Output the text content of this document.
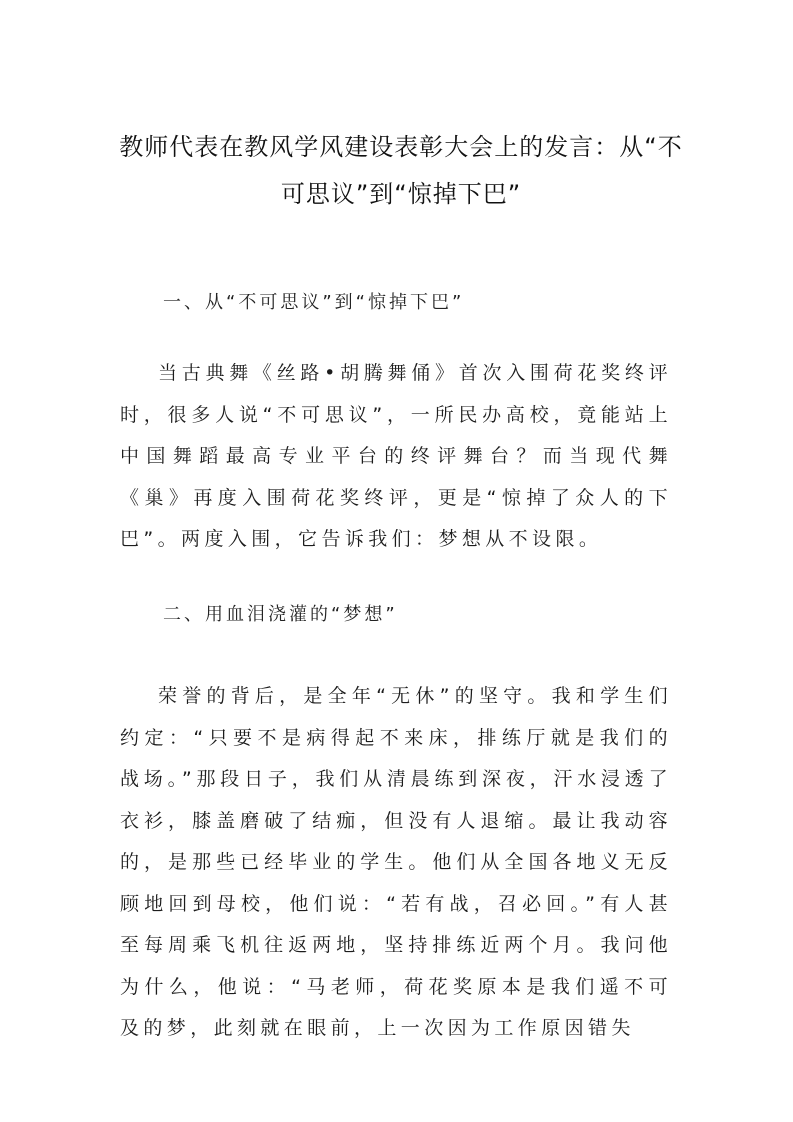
教师代表在教风学风建设表彰大会上的发言：从“不可思议”到“惊掉下巴”
一、从“不可思议”到“惊掉下巴”

当古典舞《丝路•胡腾舞俑》首次入围荷花奖终评时，很多人说“不可思议”，一所民办高校，竟能站上中国舞蹈最高专业平台的终评舞台？而当现代舞《巢》再度入围荷花奖终评，更是“惊掉了众人的下巴”。两度入围，它告诉我们：梦想从不设限。

二、用血泪浇灌的“梦想”

荣誉的背后，是全年“无休”的坚守。我和学生们约定：“只要不是病得起不来床，排练厅就是我们的战场。”那段日子，我们从清晨练到深夜，汗水浸透了衣衫，膝盖磨破了结痂，但没有人退缩。最让我动容的，是那些已经毕业的学生。他们从全国各地义无反顾地回到母校，他们说：“若有战，召必回。”有人甚至每周乘飞机往返两地，坚持排练近两个月。我问他为什么，他说：“马老师，荷花奖原本是我们遥不可及的梦，此刻就在眼前，上一次因为工作原因错失
